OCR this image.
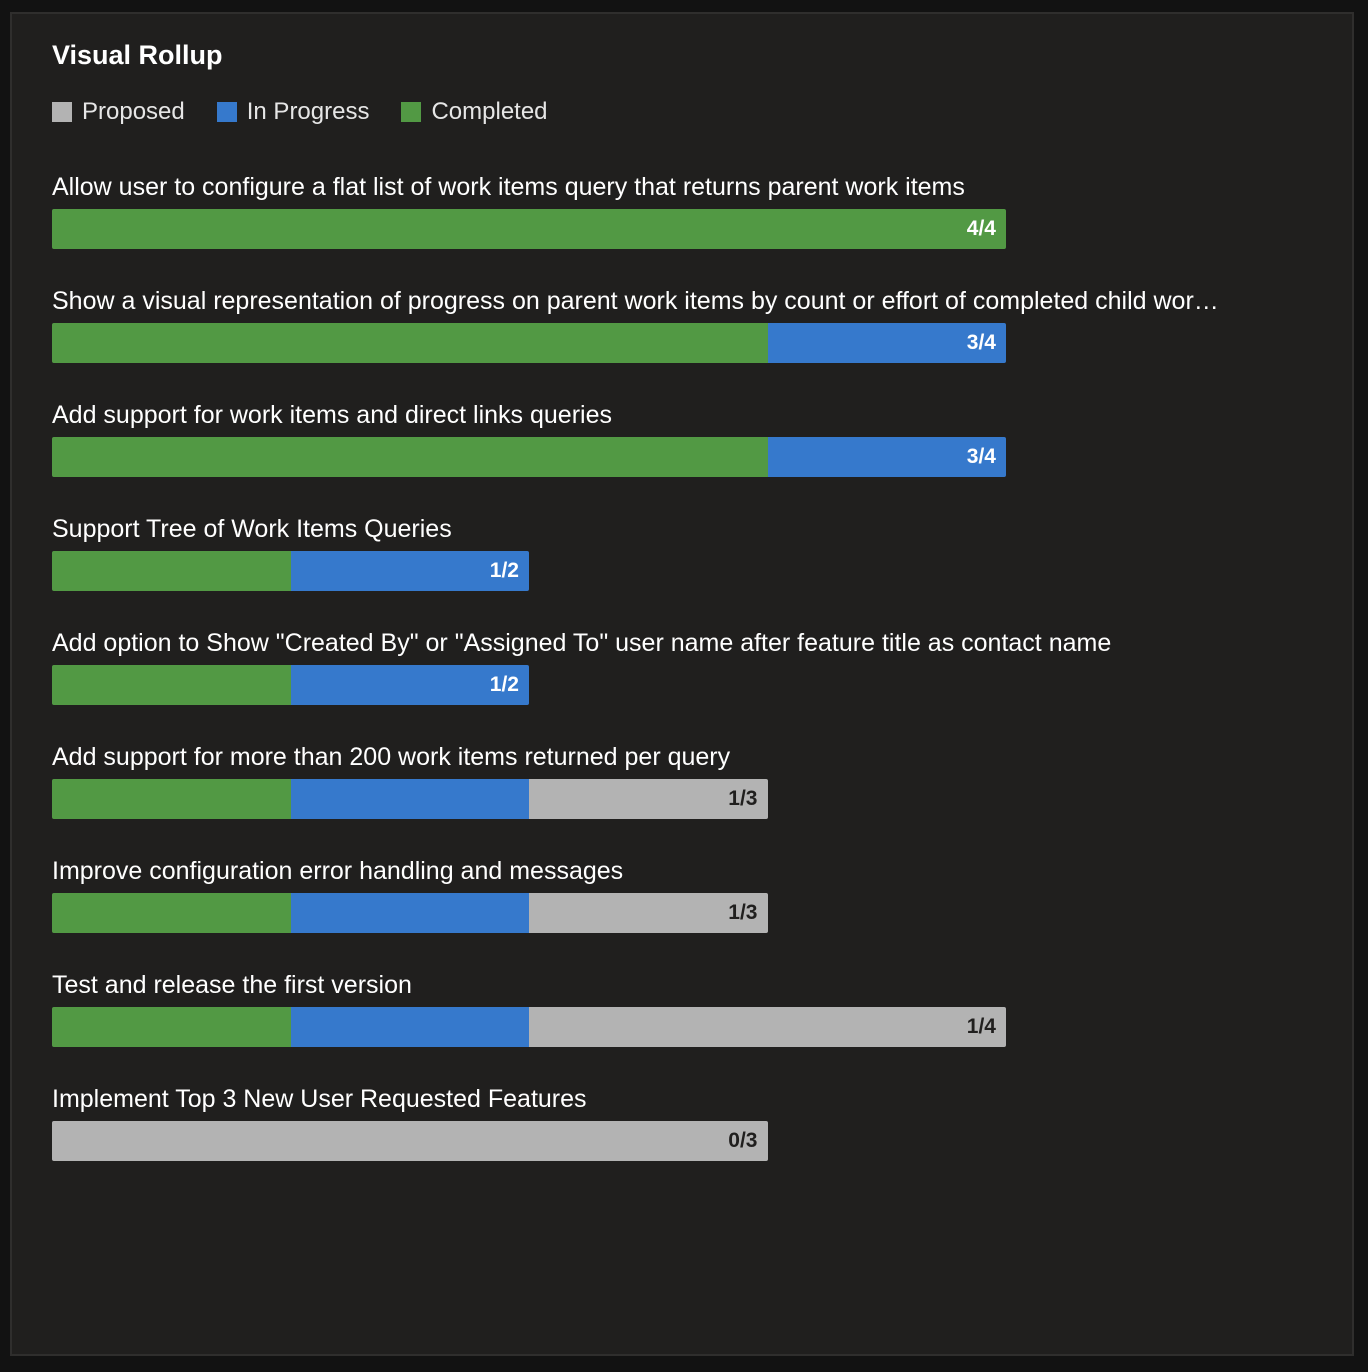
Visual Rollup
Proposed	In Progress	Completed
Allow user to configure a flat list of work items query that returns parent work items
4/4
Show a visual representation of progress on parent work items by count or effort of completed child wor…
3/4
Add support for work items and direct links queries
3/4
Support Tree of Work Items Queries
1/2
Add option to Show "Created By" or "Assigned To" user name after feature title as contact name
1/2
Add support for more than 200 work items returned per query
1/3
Improve configuration error handling and messages
1/3
Test and release the first version
1/4
Implement Top 3 New User Requested Features
0/3
